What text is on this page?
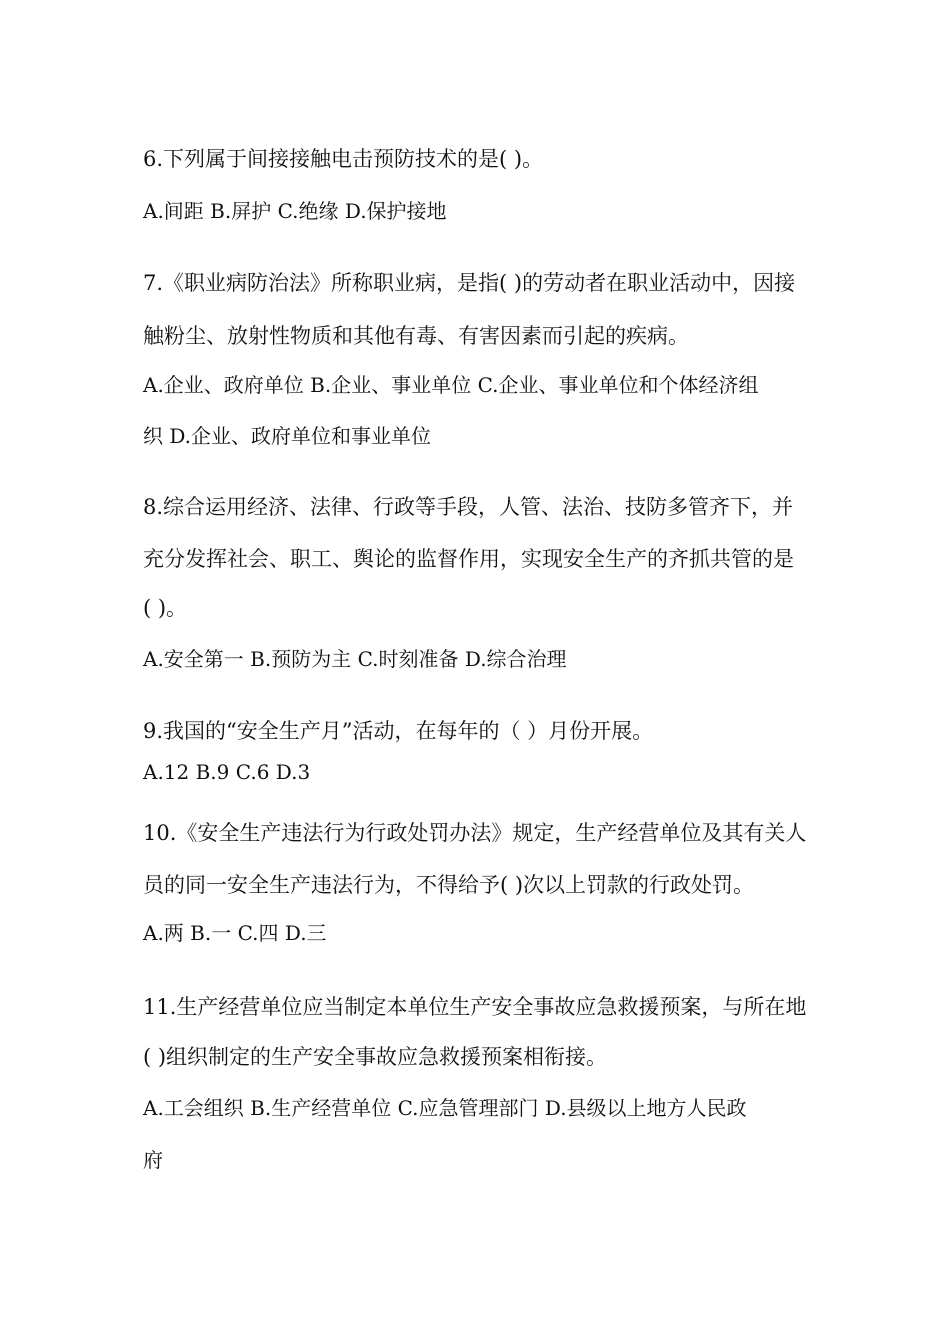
6.下列属于间接接触电击预防技术的是( )。
A.间距 B.屏护 C.绝缘 D.保护接地
7.《职业病防治法》所称职业病，是指( )的劳动者在职业活动中，因接
触粉尘、放射性物质和其他有毒、有害因素而引起的疾病。
A.企业、政府单位 B.企业、事业单位 C.企业、事业单位和个体经济组
织 D.企业、政府单位和事业单位
8.综合运用经济、法律、行政等手段，人管、法治、技防多管齐下，并
充分发挥社会、职工、舆论的监督作用，实现安全生产的齐抓共管的是
( )。
A.安全第一 B.预防为主 C.时刻准备 D.综合治理
9.我国的“安全生产月”活动，在每年的（ ）月份开展。
A.12 B.9 C.6 D.3
10.《安全生产违法行为行政处罚办法》规定，生产经营单位及其有关人
员的同一安全生产违法行为，不得给予( )次以上罚款的行政处罚。
A.两 B.一 C.四 D.三
11.生产经营单位应当制定本单位生产安全事故应急救援预案，与所在地
( )组织制定的生产安全事故应急救援预案相衔接。
A.工会组织 B.生产经营单位 C.应急管理部门 D.县级以上地方人民政
府
